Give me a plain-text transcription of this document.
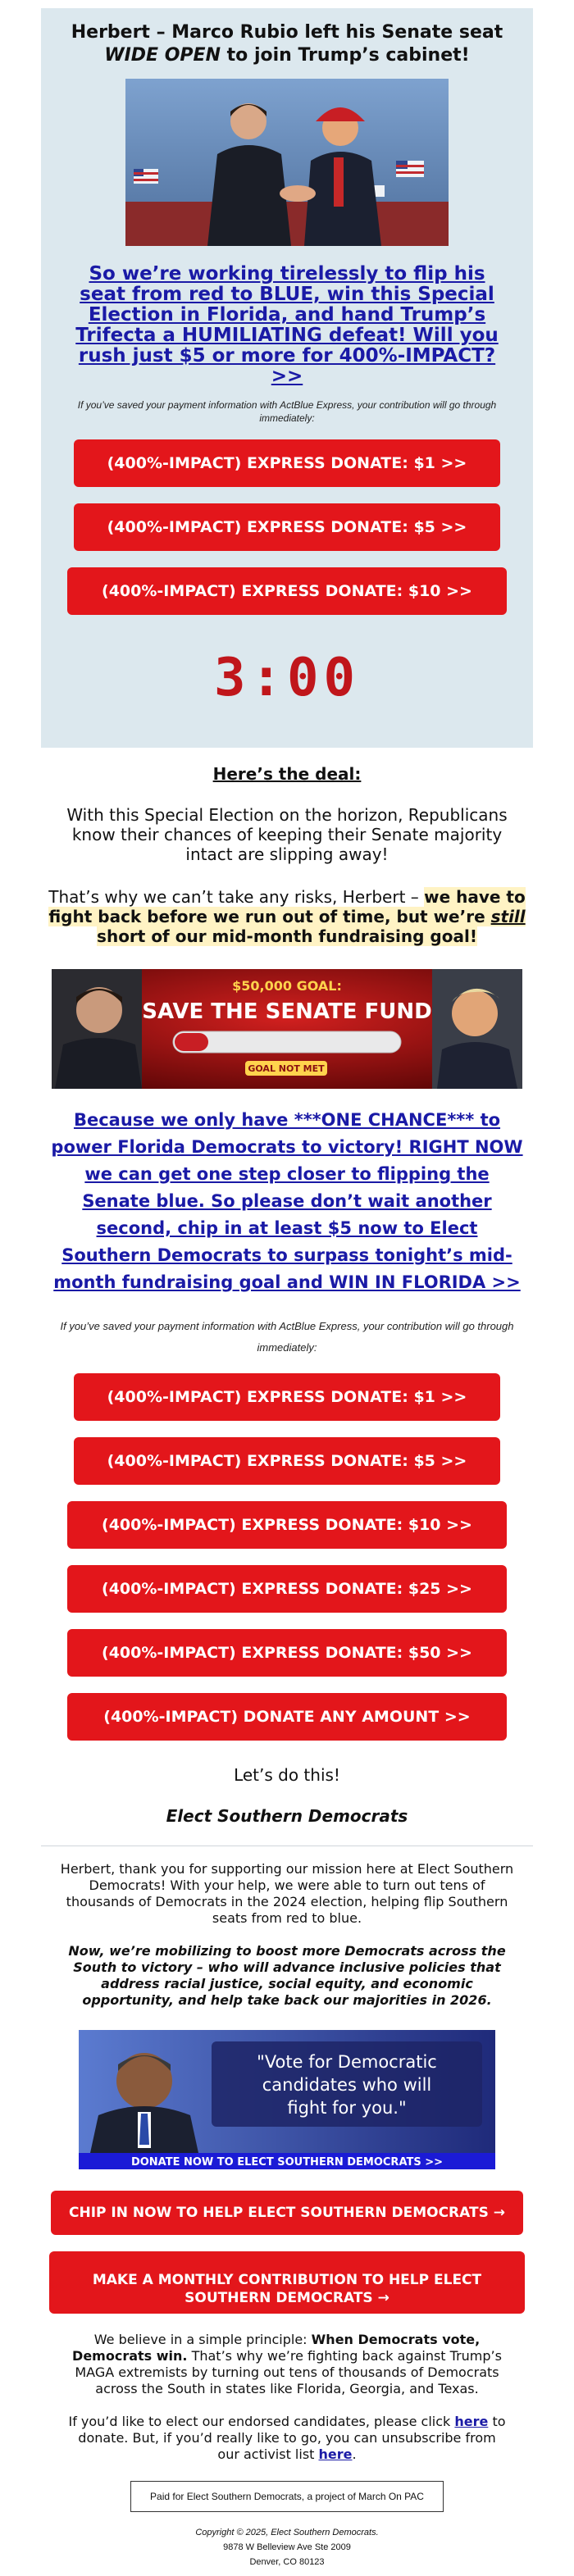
Herbert – Marco Rubio left his Senate seat WIDE OPEN to join Trump’s cabinet!
So we’re working tirelessly to flip his seat from red to BLUE, win this Special Election in Florida, and hand Trump’s Trifecta a HUMILIATING defeat! Will you rush just $5 or more for 400%-IMPACT? >>
If you’ve saved your payment information with ActBlue Express, your contribution will go through immediately:
(400%-IMPACT) EXPRESS DONATE: $1 >>
(400%-IMPACT) EXPRESS DONATE: $5 >>
(400%-IMPACT) EXPRESS DONATE: $10 >>
3:00
Here’s the deal:
With this Special Election on the horizon, Republicans know their chances of keeping their Senate majority intact are slipping away!
That’s why we can’t take any risks, Herbert – we have to fight back before we run out of time, but we’re still short of our mid-month fundraising goal!
$50,000 GOAL:
SAVE THE SENATE FUND
GOAL NOT MET
Because we only have ***ONE CHANCE*** to power Florida Democrats to victory! RIGHT NOW we can get one step closer to flipping the Senate blue. So please don’t wait another second, chip in at least $5 now to Elect Southern Democrats to surpass tonight’s mid-month fundraising goal and WIN IN FLORIDA >>
If you’ve saved your payment information with ActBlue Express, your contribution will go through immediately:
(400%-IMPACT) EXPRESS DONATE: $1 >>
(400%-IMPACT) EXPRESS DONATE: $5 >>
(400%-IMPACT) EXPRESS DONATE: $10 >>
(400%-IMPACT) EXPRESS DONATE: $25 >>
(400%-IMPACT) EXPRESS DONATE: $50 >>
(400%-IMPACT) DONATE ANY AMOUNT >>
Let’s do this!
Elect Southern Democrats
Herbert, thank you for supporting our mission here at Elect Southern Democrats! With your help, we were able to turn out tens of thousands of Democrats in the 2024 election, helping flip Southern seats from red to blue.
Now, we’re mobilizing to boost more Democrats across the South to victory – who will advance inclusive policies that address racial justice, social equity, and economic opportunity, and help take back our majorities in 2026.
"Vote for Democratic
candidates who will
fight for you."
DONATE NOW TO ELECT SOUTHERN DEMOCRATS >>
CHIP IN NOW TO HELP ELECT SOUTHERN DEMOCRATS →
MAKE A MONTHLY CONTRIBUTION TO HELP ELECT SOUTHERN DEMOCRATS →
We believe in a simple principle: When Democrats vote, Democrats win. That’s why we’re fighting back against Trump’s MAGA extremists by turning out tens of thousands of Democrats across the South in states like Florida, Georgia, and Texas.
If you’d like to elect our endorsed candidates, please click here to donate. But, if you’d really like to go, you can unsubscribe from our activist list here.
Paid for Elect Southern Democrats, a project of March On PAC
Copyright © 2025, Elect Southern Democrats.
9878 W Belleview Ave Ste 2009
Denver, CO 80123
